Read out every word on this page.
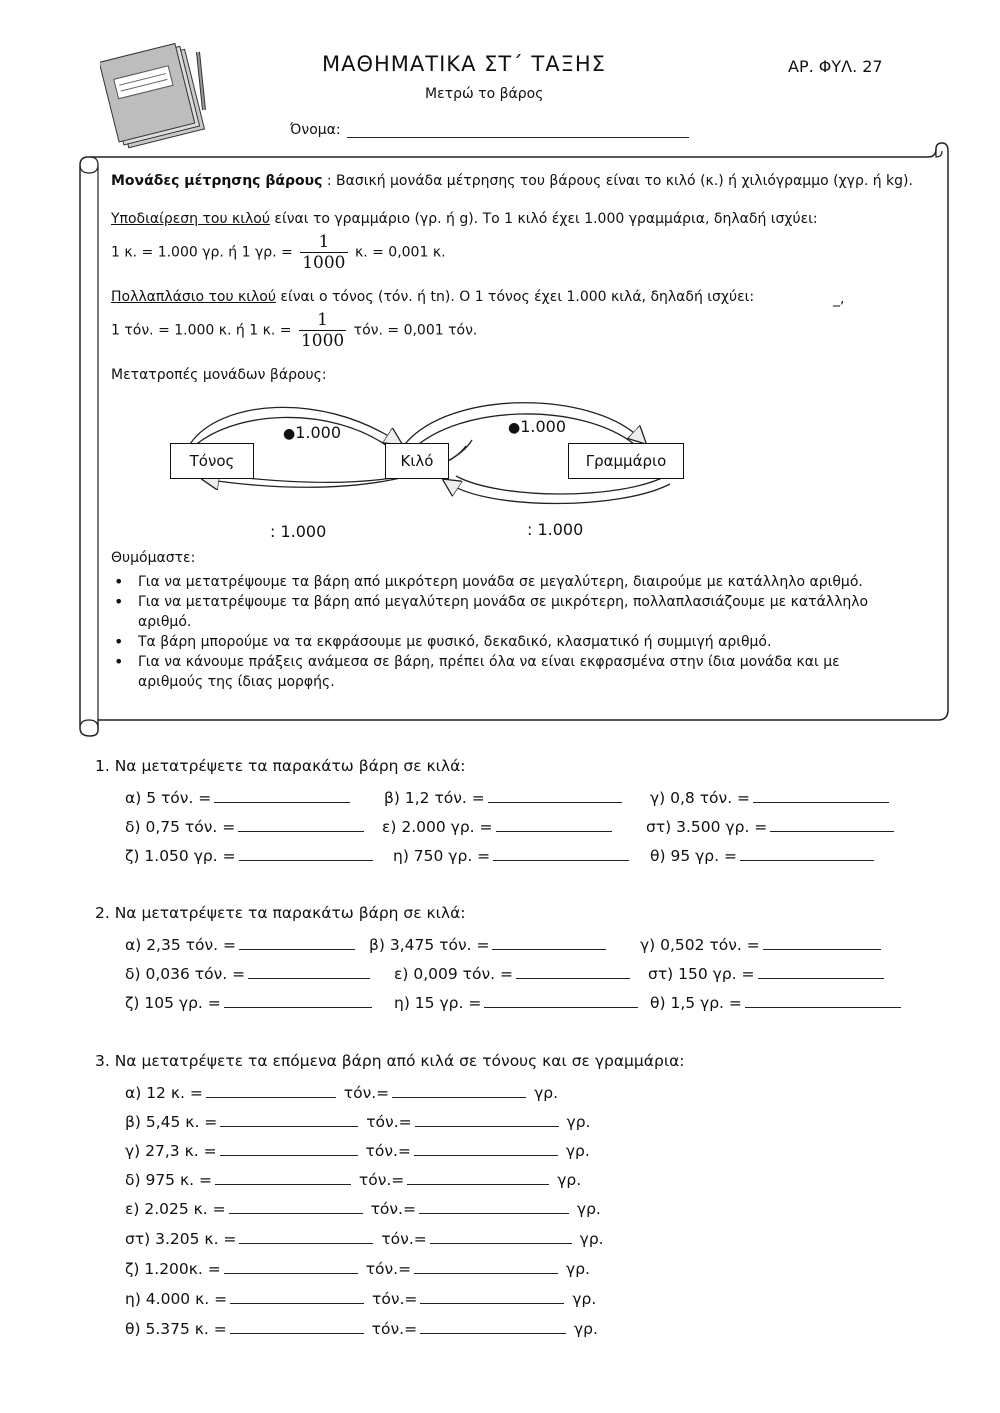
ΜΑΘΗΜΑΤΙΚΑ ΣΤ΄ ΤΑΞΗΣ	ΑΡ. ΦΥΛ. 27
Μετρώ το βάρος
Όνομα:
Μονάδες μέτρησης βάρους : Βασική μονάδα μέτρησης του βάρους είναι το κιλό (κ.) ή χιλιόγραμμο (χγρ. ή kg).
Υποδιαίρεση του κιλού είναι το γραμμάριο (γρ. ή g). Το 1 κιλό έχει 1.000 γραμμάρια, δηλαδή ισχύει:
1 κ. = 1.000 γρ. ή 1 γρ. = $\frac{1}{1000} \kappa$. = 0,001 κ.
Πολλαπλάσιο του κιλού είναι ο τόνος (τόν. ή tn). Ο 1 τόνος έχει 1.000 κιλά, δηλαδή ισχύει:	_,
1 τόν. = 1.000 κ. ή 1 κ. = $\frac{1}{1000} \tau ό\nu$. = 0,001 τόν.
Μετατροπές μονάδων βάρους:
Τόνος	Κιλό	Γραμμάριο
●1.000	●1.000
: 1.000	: 1.000
Θυμόμαστε:
• Για να μετατρέψουμε τα βάρη από μικρότερη μονάδα σε μεγαλύτερη, διαιρούμε με κατάλληλο αριθμό.
• Για να μετατρέψουμε τα βάρη από μεγαλύτερη μονάδα σε μικρότερη, πολλαπλασιάζουμε με κατάλληλο αριθμό.
• Τα βάρη μπορούμε να τα εκφράσουμε με φυσικό, δεκαδικό, κλασματικό ή συμμιγή αριθμό.
• Για να κάνουμε πράξεις ανάμεσα σε βάρη, πρέπει όλα να είναι εκφρασμένα στην ίδια μονάδα και με αριθμούς της ίδιας μορφής.
1. Να μετατρέψετε τα παρακάτω βάρη σε κιλά:
α) 5 τόν. =	β) 1,2 τόν. =	γ) 0,8 τόν. =
δ) 0,75 τόν. =	ε) 2.000 γρ. =	στ) 3.500 γρ. =
ζ) 1.050 γρ. =	η) 750 γρ. =	θ) 95 γρ. =
2. Να μετατρέψετε τα παρακάτω βάρη σε κιλά:
α) 2,35 τόν. =	β) 3,475 τόν. =	γ) 0,502 τόν. =
δ) 0,036 τόν. =	ε) 0,009 τόν. =	στ) 150 γρ. =
ζ) 105 γρ. =	η) 15 γρ. =	θ) 1,5 γρ. =
3. Να μετατρέψετε τα επόμενα βάρη από κιλά σε τόνους και σε γραμμάρια:
α) 12 κ. =	τόν.=	γρ.
β) 5,45 κ. =	τόν.=	γρ.
γ) 27,3 κ. =	τόν.=	γρ.
δ) 975 κ. =	τόν.=	γρ.
ε) 2.025 κ. =	τόν.=	γρ.
στ) 3.205 κ. =	τόν.=	γρ.
ζ) 1.200κ. =	τόν.=	γρ.
η) 4.000 κ. =	τόν.=	γρ.
θ) 5.375 κ. =	τόν.=	γρ.
